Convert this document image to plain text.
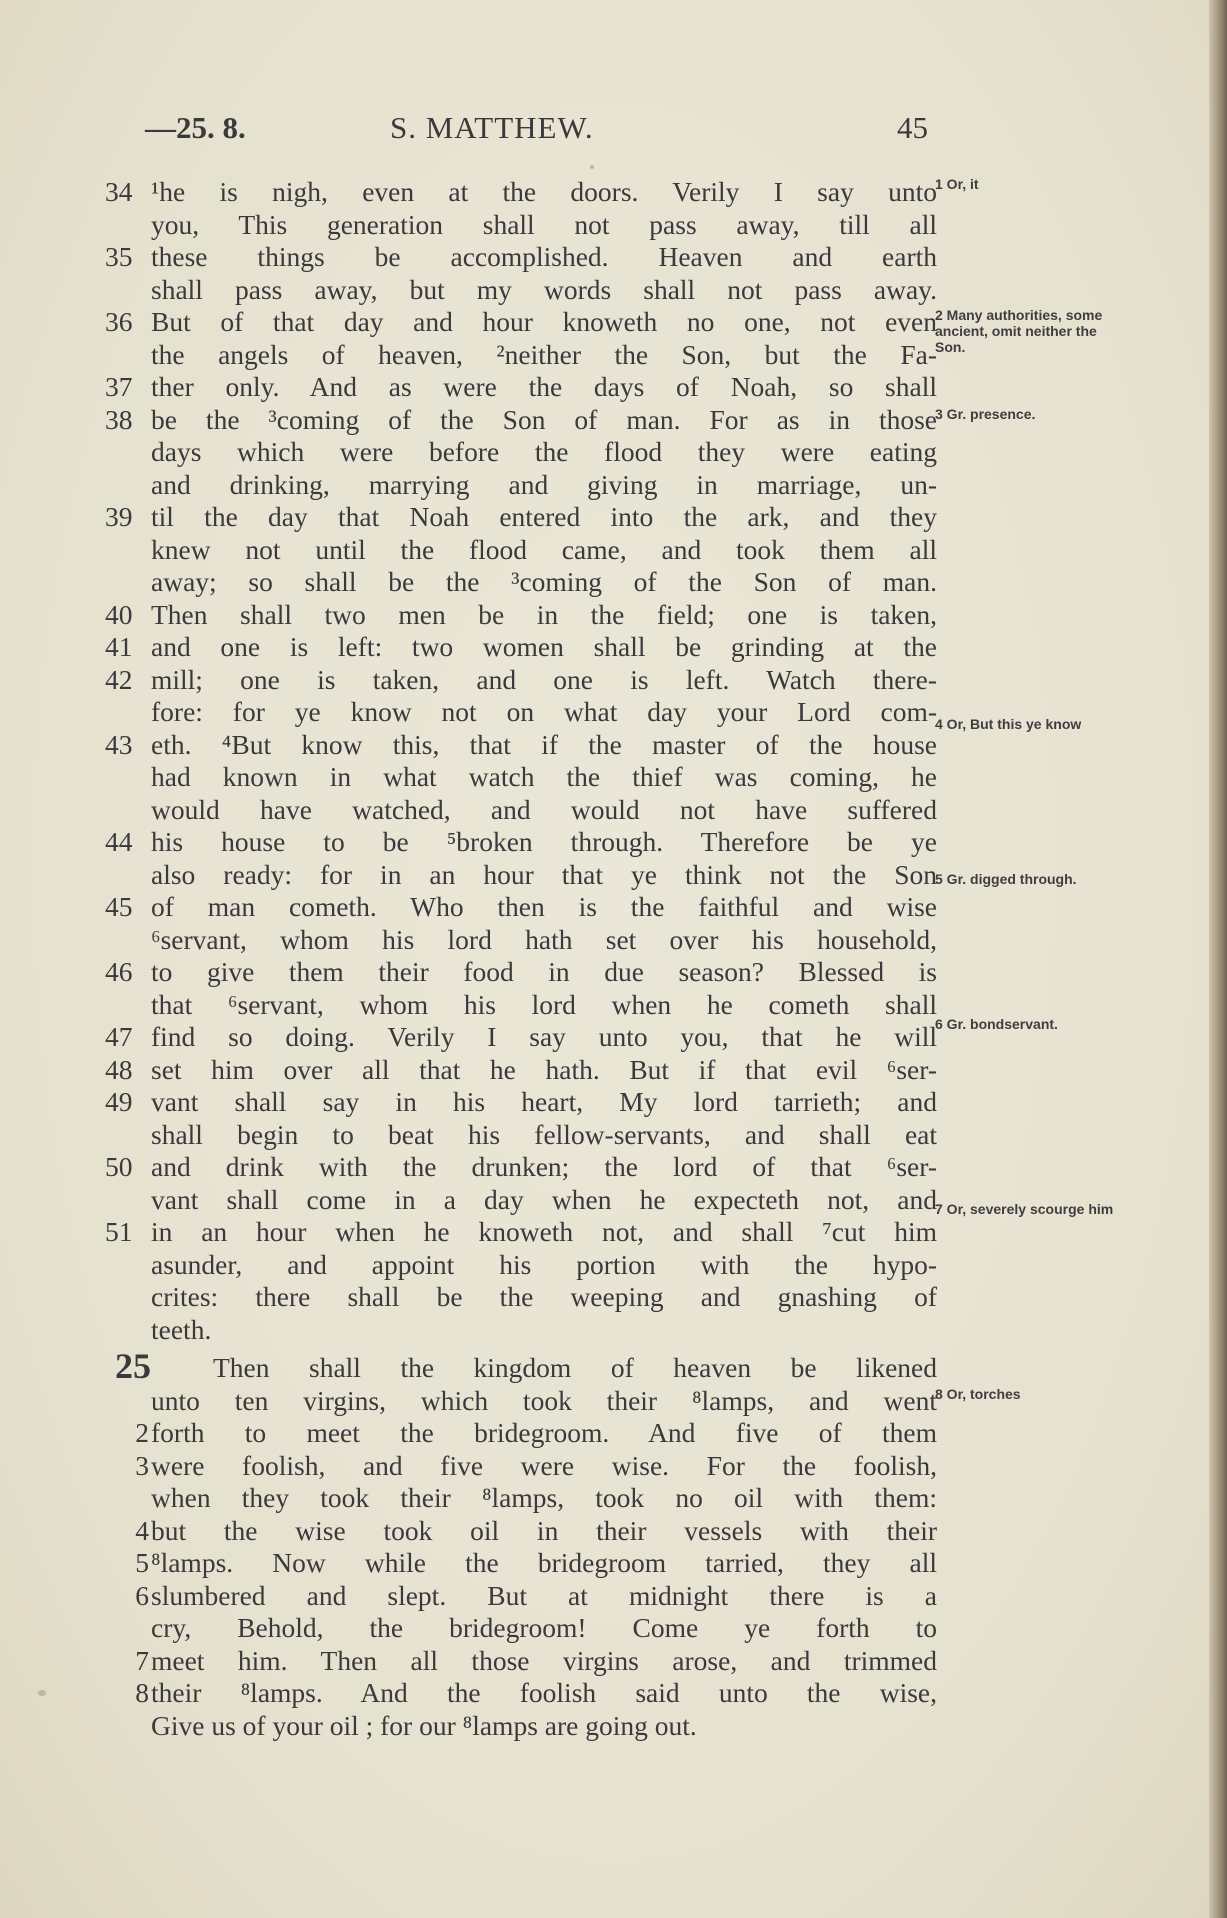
—25. 8.	S. MATTHEW.	45
34 ¹he is nigh, even at the doors. Verily I say unto
you, This generation shall not pass away, till all
35 these things be accomplished. Heaven and earth
shall pass away, but my words shall not pass away.
36 But of that day and hour knoweth no one, not even
the angels of heaven, ²neither the Son, but the Fa-
37 ther only. And as were the days of Noah, so shall
38 be the ³coming of the Son of man. For as in those
days which were before the flood they were eating
and drinking, marrying and giving in marriage, un-
39 til the day that Noah entered into the ark, and they
knew not until the flood came, and took them all
away; so shall be the ³coming of the Son of man.
40 Then shall two men be in the field; one is taken,
41 and one is left: two women shall be grinding at the
42 mill; one is taken, and one is left. Watch there-
fore: for ye know not on what day your Lord com-
43 eth. ⁴But know this, that if the master of the house
had known in what watch the thief was coming, he
would have watched, and would not have suffered
44 his house to be ⁵broken through. Therefore be ye
also ready: for in an hour that ye think not the Son
45 of man cometh. Who then is the faithful and wise
⁶servant, whom his lord hath set over his household,
46 to give them their food in due season? Blessed is
that ⁶servant, whom his lord when he cometh shall
47 find so doing. Verily I say unto you, that he will
48 set him over all that he hath. But if that evil ⁶ser-
49 vant shall say in his heart, My lord tarrieth; and
shall begin to beat his fellow-servants, and shall eat
50 and drink with the drunken; the lord of that ⁶ser-
vant shall come in a day when he expecteth not, and
51 in an hour when he knoweth not, and shall ⁷cut him
asunder, and appoint his portion with the hypo-
crites: there shall be the weeping and gnashing of
teeth.
25 Then shall the kingdom of heaven be likened
unto ten virgins, which took their ⁸lamps, and went
2 forth to meet the bridegroom. And five of them
3 were foolish, and five were wise. For the foolish,
when they took their ⁸lamps, took no oil with them:
4 but the wise took oil in their vessels with their
5 ⁸lamps. Now while the bridegroom tarried, they all
6 slumbered and slept. But at midnight there is a
cry, Behold, the bridegroom! Come ye forth to
7 meet him. Then all those virgins arose, and trimmed
8 their ⁸lamps. And the foolish said unto the wise,
Give us of your oil ; for our ⁸lamps are going out.
1 Or, it
2 Many authorities, some ancient, omit neither the Son.
3 Gr. presence.
4 Or, But this ye know
5 Gr. digged through.
6 Gr. bondservant.
7 Or, severely scourge him
8 Or, torches
